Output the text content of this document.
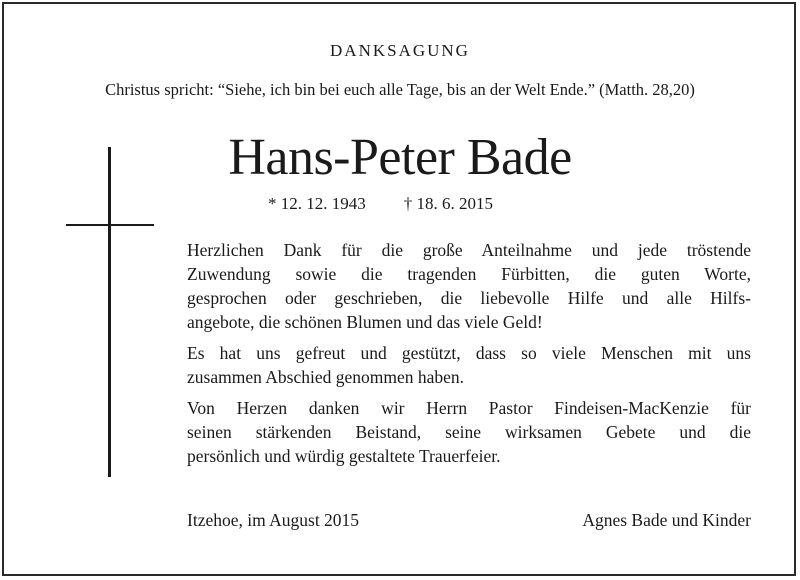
DANKSAGUNG
Christus spricht: “Siehe, ich bin bei euch alle Tage, bis an der Welt Ende.” (Matth. 28,20)
Hans-Peter Bade
* 12. 12. 1943 † 18. 6. 2015
Herzlichen Dank für die große Anteilnahme und jede tröstende
Zuwendung sowie die tragenden Fürbitten, die guten Worte,
gesprochen oder geschrieben, die liebevolle Hilfe und alle Hilfs-
angebote, die schönen Blumen und das viele Geld!
Es hat uns gefreut und gestützt, dass so viele Menschen mit uns
zusammen Abschied genommen haben.
Von Herzen danken wir Herrn Pastor Findeisen-MacKenzie für
seinen stärkenden Beistand, seine wirksamen Gebete und die
persönlich und würdig gestaltete Trauerfeier.
Itzehoe, im August 2015	Agnes Bade und Kinder
